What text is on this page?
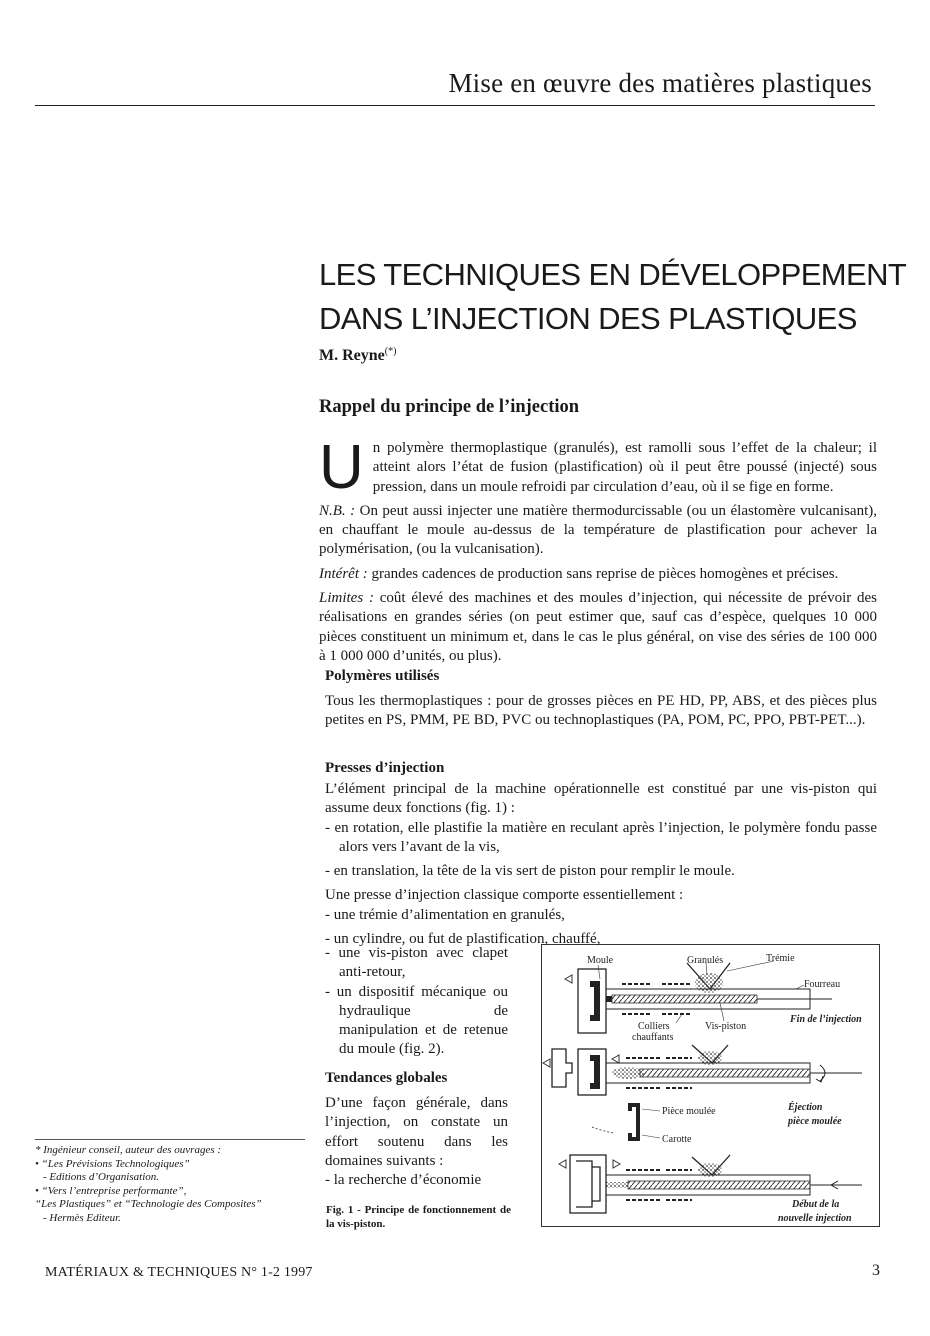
Mise en œuvre des matières plastiques
LES TECHNIQUES EN DÉVELOPPEMENT
DANS L’INJECTION DES PLASTIQUES
M. Reyne(*)
Rappel du principe de l’injection

Un polymère thermoplastique (granulés), est ramolli sous l’effet de la chaleur; il atteint alors l’état de fusion (plastification) où il peut être poussé (injecté) sous pression, dans un moule refroidi par circulation d’eau, où il se fige en forme.

N.B. : On peut aussi injecter une matière thermodurcissable (ou un élastomère vulcanisant), en chauffant le moule au-dessus de la température de plastification pour achever la polymérisation, (ou la vulcanisation).

Intérêt : grandes cadences de production sans reprise de pièces homogènes et précises.

Limites : coût élevé des machines et des moules d’injection, qui nécessite de prévoir des réalisations en grandes séries (on peut estimer que, sauf cas d’espèce, quelques 10 000 pièces constituent un minimum et, dans le cas le plus général, on vise des séries de 100 000 à 1 000 000 d’unités, ou plus).

Polymères utilisés
Tous les thermoplastiques : pour de grosses pièces en PE HD, PP, ABS, et des pièces plus petites en PS, PMM, PE BD, PVC ou technoplastiques (PA, POM, PC, PPO, PBT-PET...).
Presses d’injection

L’élément principal de la machine opérationnelle est constitué par une vis-piston qui assume deux fonctions (fig. 1) :

- en rotation, elle plastifie la matière en reculant après l’injection, le polymère fondu passe alors vers l’avant de la vis,

- en translation, la tête de la vis sert de piston pour remplir le moule.

Une presse d’injection classique comporte essentiellement :

- une trémie d’alimentation en granulés,

- un cylindre, ou fut de plastification, chauffé,

- une vis-piston avec clapet anti-retour,

- un dispositif mécanique ou hydraulique de manipulation et de retenue du moule (fig. 2).

Tendances globales
D’une façon générale, dans l’injection, on constate un effort soutenu dans les domaines suivants :
- la recherche d’économie
Fig. 1 - Principe de fonctionnement de la vis-piston.
Moule	Granulés	Trémie
Fourreau
Colliers
chauffants
Vis-piston
Fin de l’injection
Pièce moulée
Carotte
Éjection
pièce moulée
Début de la
nouvelle injection
* Ingénieur conseil, auteur des ouvrages :
• “Les Prévisions Technologiques”
- Editions d’Organisation.
• “Vers l’entreprise performante”,
“Les Plastiques” et “Technologie des Composites”
- Hermès Editeur.
MATÉRIAUX & TECHNIQUES N° 1-2 1997	3
